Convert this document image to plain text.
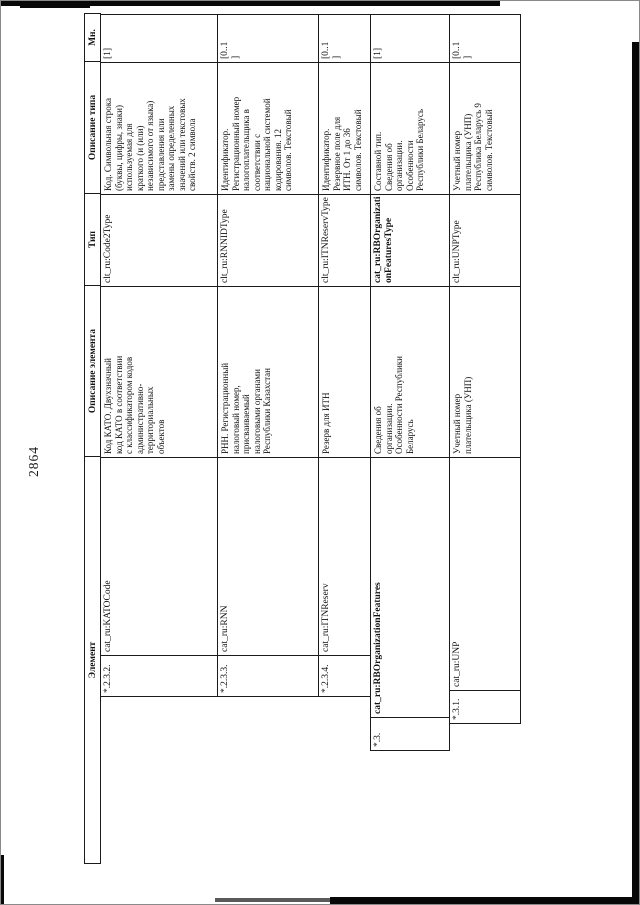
2864
Элемент
Описание элемента
Тип
Описание типа
Мн.
*.2.3.2.
cat_ru:KATOCode
Код КАТО. Двухзначный код КАТО в соответствии с классификатором кодов административно-территориальных объектов
clt_ru:Code2Type
Код. Символьная строка (буквы, цифры, знаки) используемая для краткого (и (или) независимого от языка) представления или замены определенных значений или текстовых свойств. 2 символа
[1]
*.2.3.3.
cat_ru:RNN
РНН. Регистрационный налоговый номер, присваиваемый налоговыми органами Республики Казахстан
clt_ru:RNNIDType
Идентификатор. Регистрационный номер налогоплательщика в соответствии с национальной системой кодирования. 12 символов. Текстовый
[0..1 ]
*.2.3.4.
cat_ru:ITNReserv
Резерв для ИТН
clt_ru:ITNReservType
Идентификатор. Резервное поле для ИТН. От 1 до 36 символов. Текстовый
[0..1 ]
*.3.
cat_ru:RBOrganizationFeatures
Сведения об организации. Особенности Республики Беларусь
cat_ru:RBOrganizati onFeaturesType
Составной тип. Сведения об организации. Особенности Республики Беларусь
[1]
*.3.1.
cat_ru:UNP
Учетный номер плательщика (УНП)
clt_ru:UNPType
Учетный номер плательщика (УНП) Республика Беларусь 9 символов. Текстовый
[0..1 ]
